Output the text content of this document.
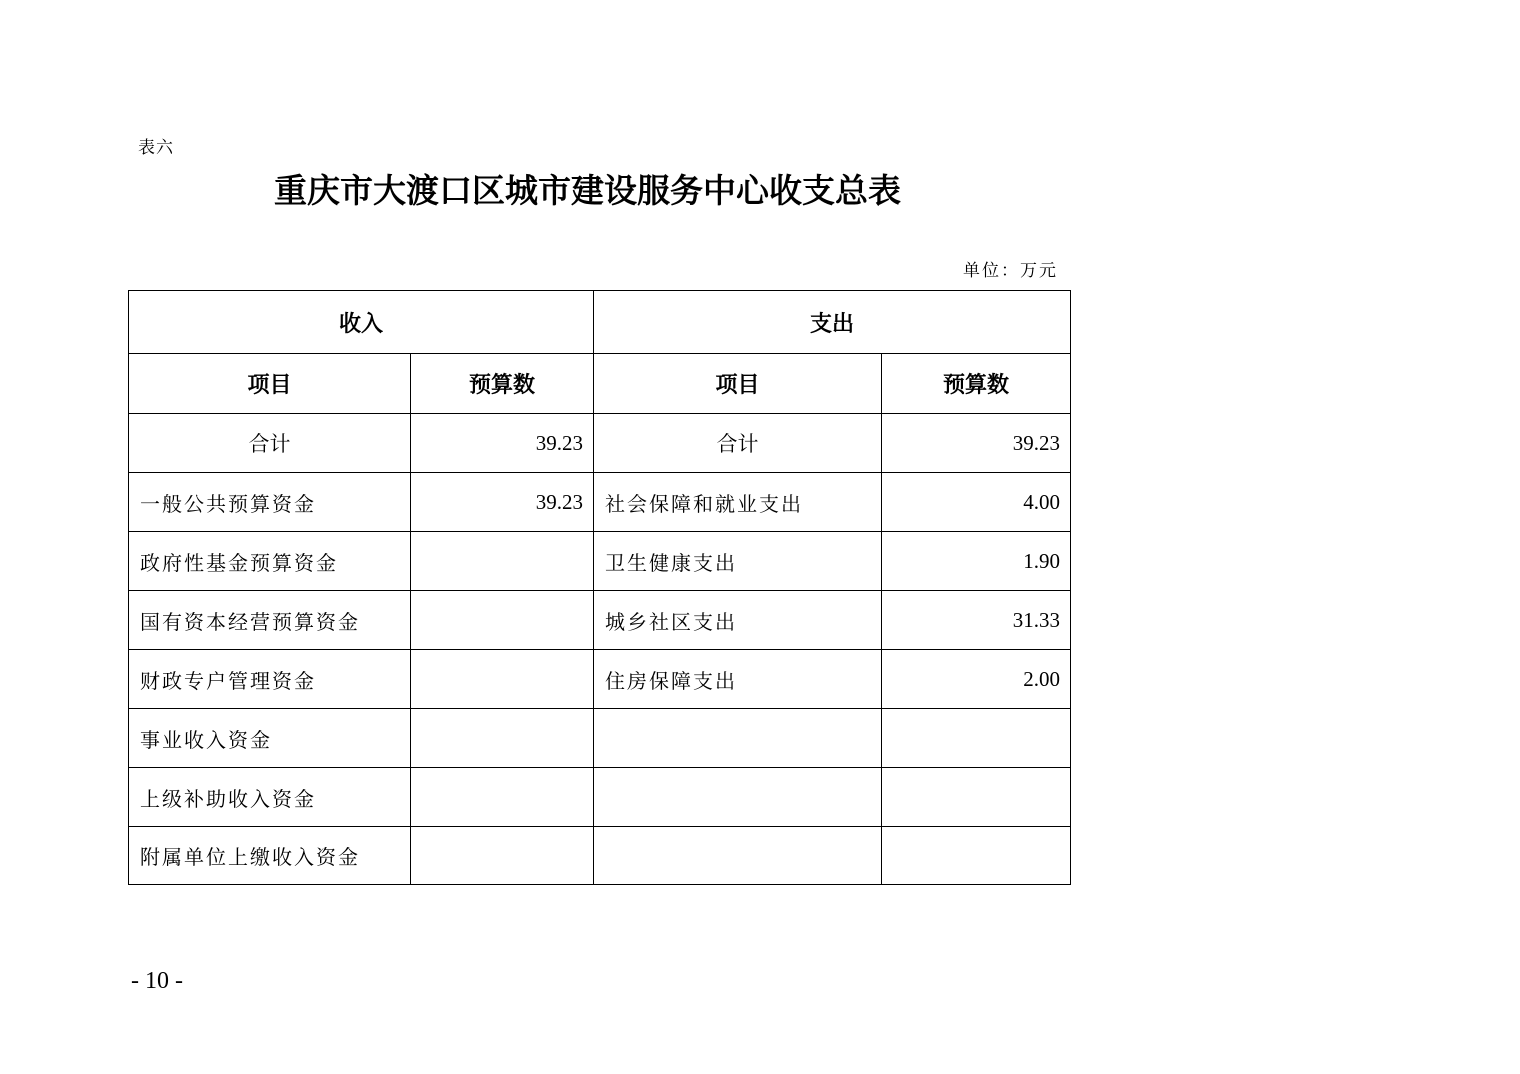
表六
重庆市大渡口区城市建设服务中心收支总表
单位：万元
收入		支出	
项目	预算数	项目	预算数
合计	39.23	合计	39.23
一般公共预算资金	39.23	社会保障和就业支出	4.00
政府性基金预算资金		卫生健康支出	1.90
国有资本经营预算资金		城乡社区支出	31.33
财政专户管理资金		住房保障支出	2.00
事业收入资金			
上级补助收入资金			
附属单位上缴收入资金			
- 10 -
